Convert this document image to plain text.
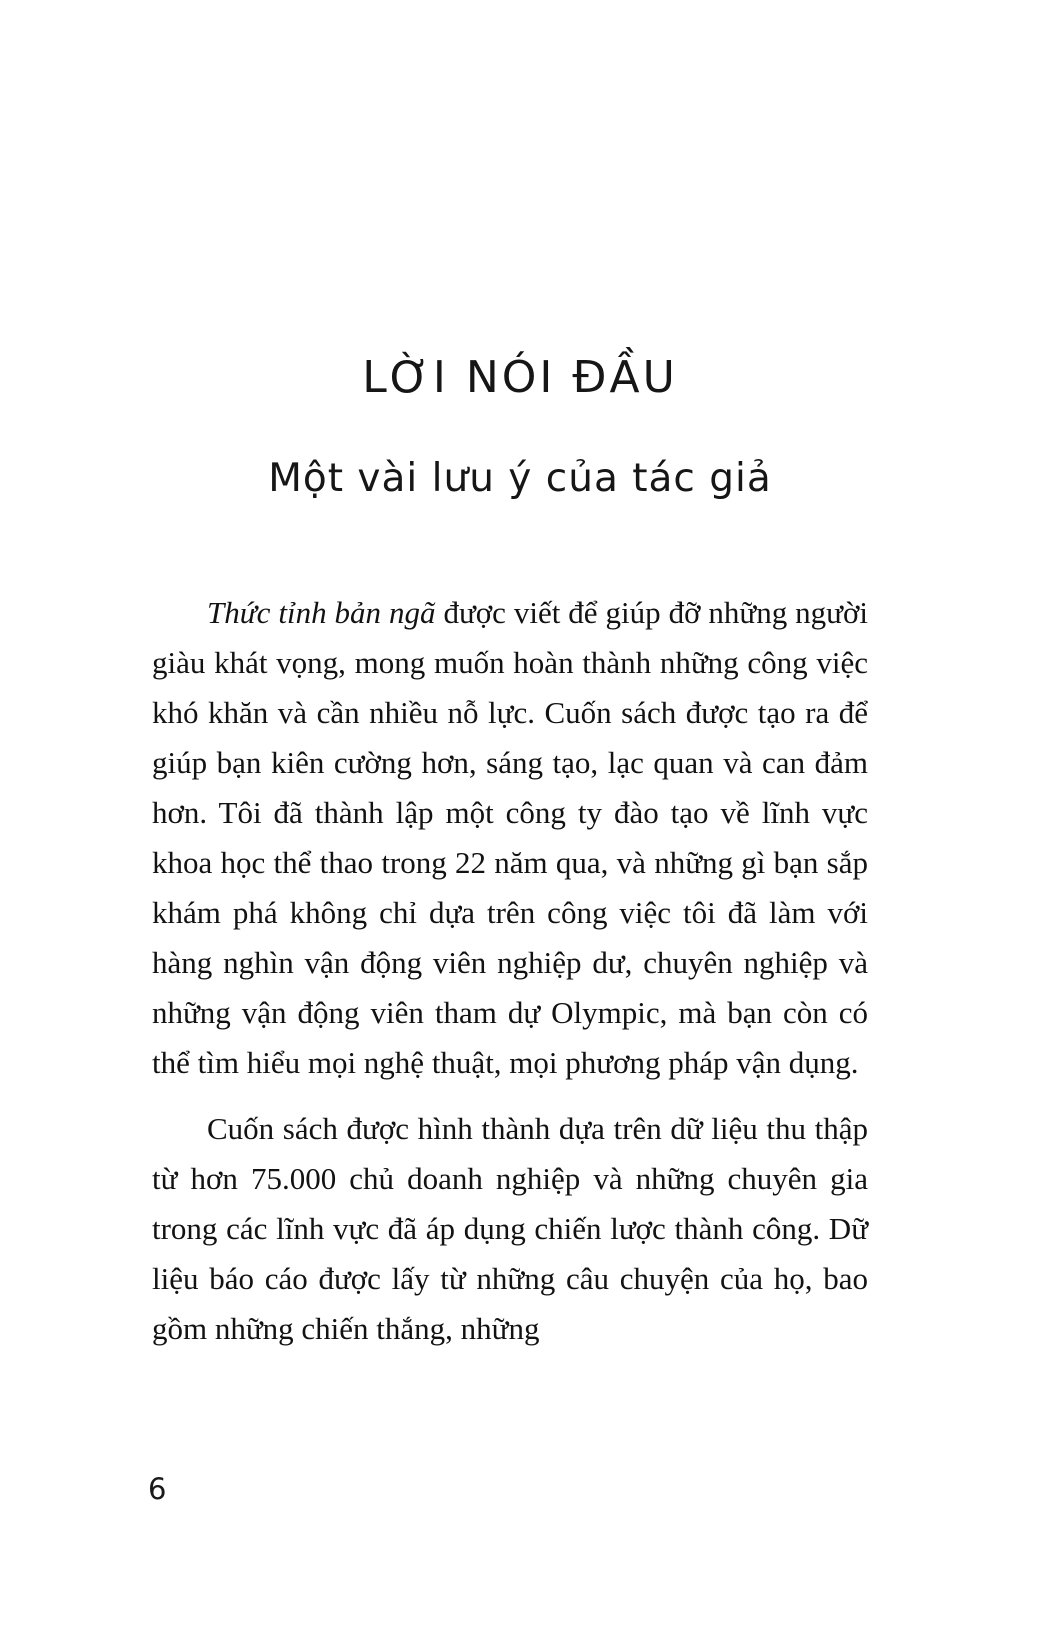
LỜI NÓI ĐẦU
Một vài lưu ý của tác giả

Thức tỉnh bản ngã được viết để giúp đỡ những người giàu khát vọng, mong muốn hoàn thành những công việc khó khăn và cần nhiều nỗ lực. Cuốn sách được tạo ra để giúp bạn kiên cường hơn, sáng tạo, lạc quan và can đảm hơn. Tôi đã thành lập một công ty đào tạo về lĩnh vực khoa học thể thao trong 22 năm qua, và những gì bạn sắp khám phá không chỉ dựa trên công việc tôi đã làm với hàng nghìn vận động viên nghiệp dư, chuyên nghiệp và những vận động viên tham dự Olympic, mà bạn còn có thể tìm hiểu mọi nghệ thuật, mọi phương pháp vận dụng.

Cuốn sách được hình thành dựa trên dữ liệu thu thập từ hơn 75.000 chủ doanh nghiệp và những chuyên gia trong các lĩnh vực đã áp dụng chiến lược thành công. Dữ liệu báo cáo được lấy từ những câu chuyện của họ, bao gồm những chiến thắng, những

6
